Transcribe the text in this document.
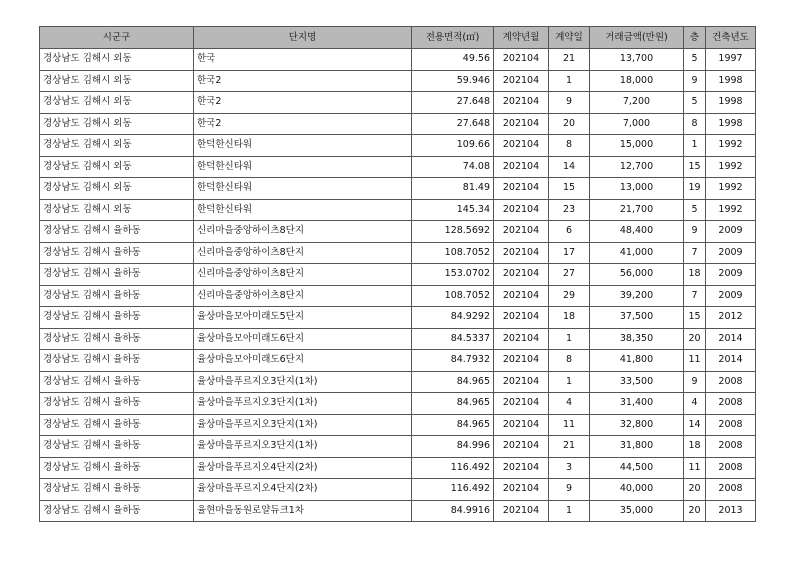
시군구	단지명	전용면적(㎡)	계약년월	계약일	거래금액(만원)	층	건축년도
경상남도 김해시 외동	한국	49.56	202104	21	13,700	5	1997
경상남도 김해시 외동	한국2	59.946	202104	1	18,000	9	1998
경상남도 김해시 외동	한국2	27.648	202104	9	7,200	5	1998
경상남도 김해시 외동	한국2	27.648	202104	20	7,000	8	1998
경상남도 김해시 외동	한덕한신타워	109.66	202104	8	15,000	1	1992
경상남도 김해시 외동	한덕한신타워	74.08	202104	14	12,700	15	1992
경상남도 김해시 외동	한덕한신타워	81.49	202104	15	13,000	19	1992
경상남도 김해시 외동	한덕한신타워	145.34	202104	23	21,700	5	1992
경상남도 김해시 율하동	신리마을중앙하이츠8단지	128.5692	202104	6	48,400	9	2009
경상남도 김해시 율하동	신리마을중앙하이츠8단지	108.7052	202104	17	41,000	7	2009
경상남도 김해시 율하동	신리마을중앙하이츠8단지	153.0702	202104	27	56,000	18	2009
경상남도 김해시 율하동	신리마을중앙하이츠8단지	108.7052	202104	29	39,200	7	2009
경상남도 김해시 율하동	율상마을모아미래도5단지	84.9292	202104	18	37,500	15	2012
경상남도 김해시 율하동	율상마을모아미래도6단지	84.5337	202104	1	38,350	20	2014
경상남도 김해시 율하동	율상마을모아미래도6단지	84.7932	202104	8	41,800	11	2014
경상남도 김해시 율하동	율상마을푸르지오3단지(1차)	84.965	202104	1	33,500	9	2008
경상남도 김해시 율하동	율상마을푸르지오3단지(1차)	84.965	202104	4	31,400	4	2008
경상남도 김해시 율하동	율상마을푸르지오3단지(1차)	84.965	202104	11	32,800	14	2008
경상남도 김해시 율하동	율상마을푸르지오3단지(1차)	84.996	202104	21	31,800	18	2008
경상남도 김해시 율하동	율상마을푸르지오4단지(2차)	116.492	202104	3	44,500	11	2008
경상남도 김해시 율하동	율상마을푸르지오4단지(2차)	116.492	202104	9	40,000	20	2008
경상남도 김해시 율하동	율현마을동원로얄듀크1차	84.9916	202104	1	35,000	20	2013
